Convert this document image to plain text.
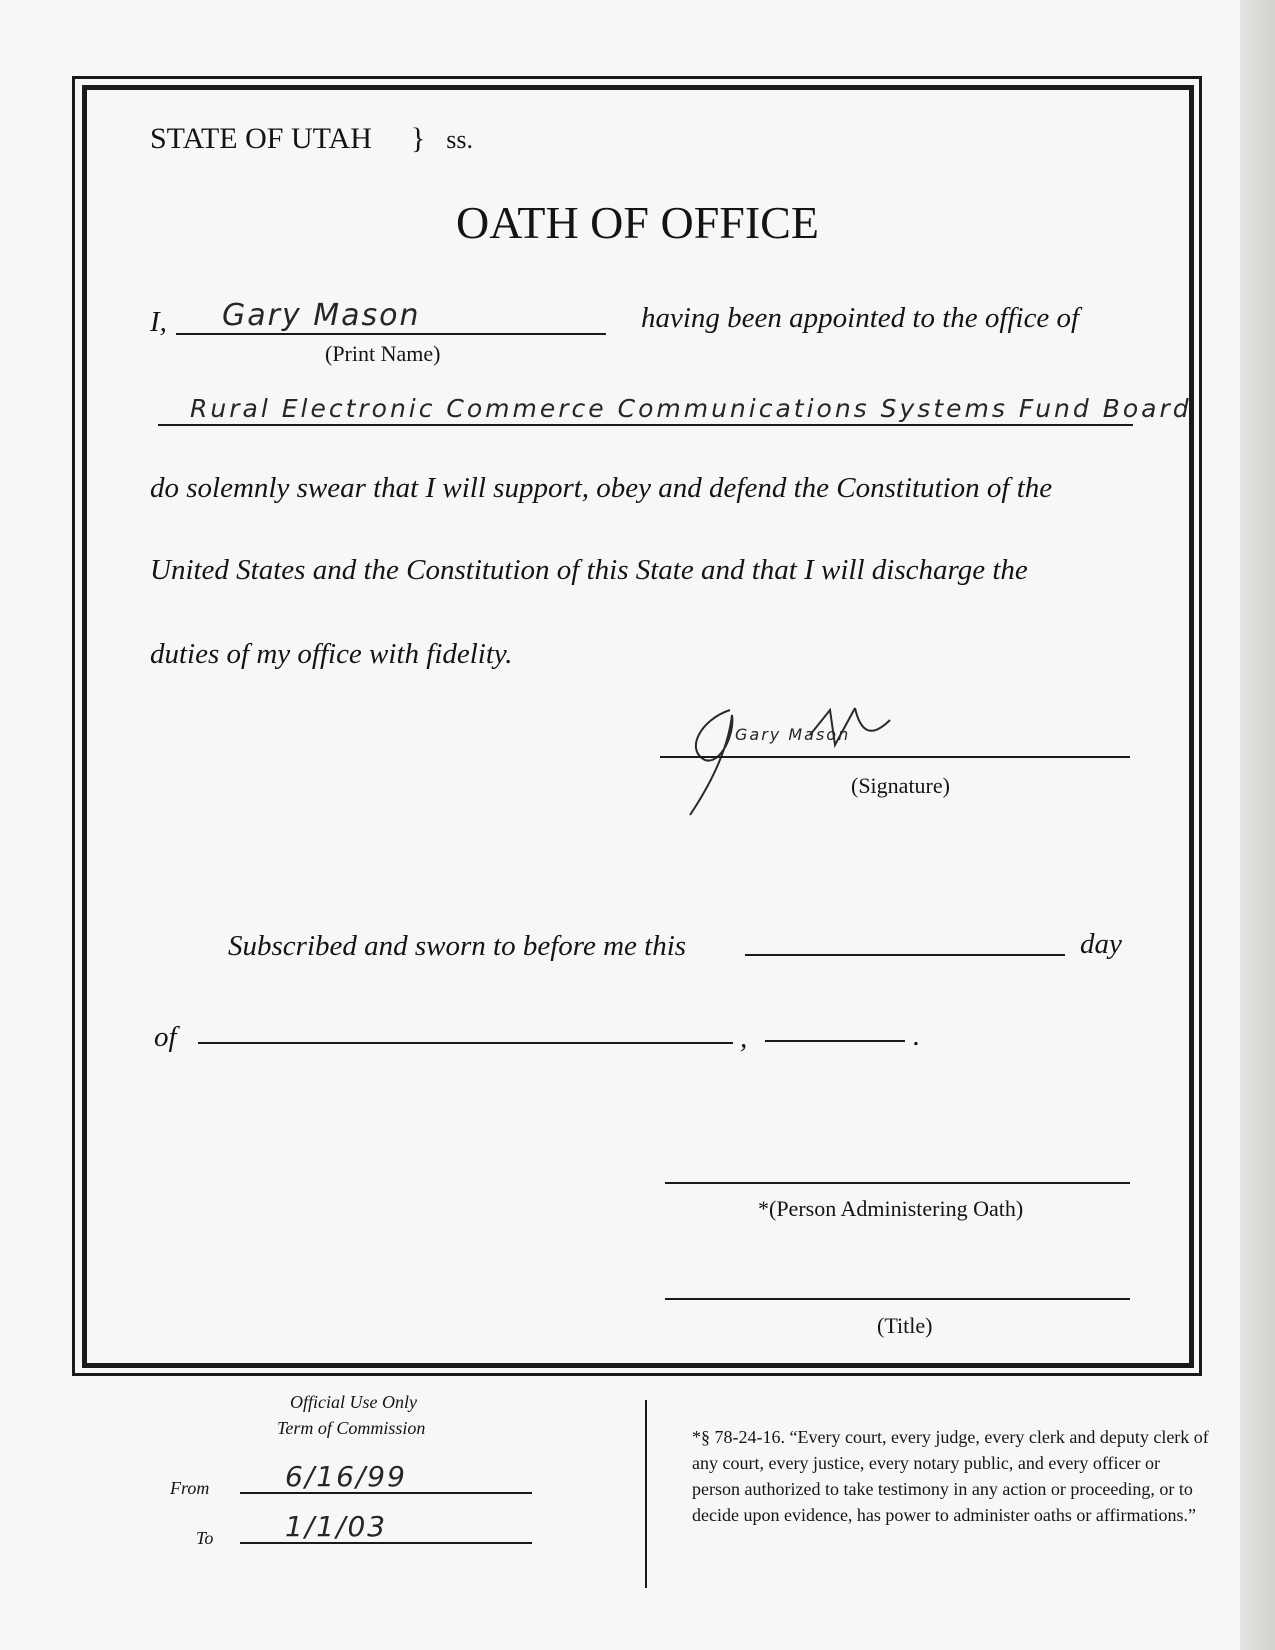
STATE OF UTAH } ss.
OATH OF OFFICE
I, Gary Mason
(Print Name)
having been appointed to the office of
Rural Electronic Commerce Communications Systems Fund Board
do solemnly swear that I will support, obey and defend the Constitution of the
United States and the Constitution of this State and that I will discharge the
duties of my office with fidelity.
Gary Mason
(Signature)
Subscribed and sworn to before me this	day
of	,	.
*(Person Administering Oath)
(Title)
Official Use Only
Term of Commission
From	6/16/99
To	1/1/03
*§ 78-24-16. “Every court, every judge, every clerk and deputy clerk of any court, every justice, every notary public, and every officer or person authorized to take testimony in any action or proceeding, or to decide upon evidence, has power to administer oaths or affirmations.”
